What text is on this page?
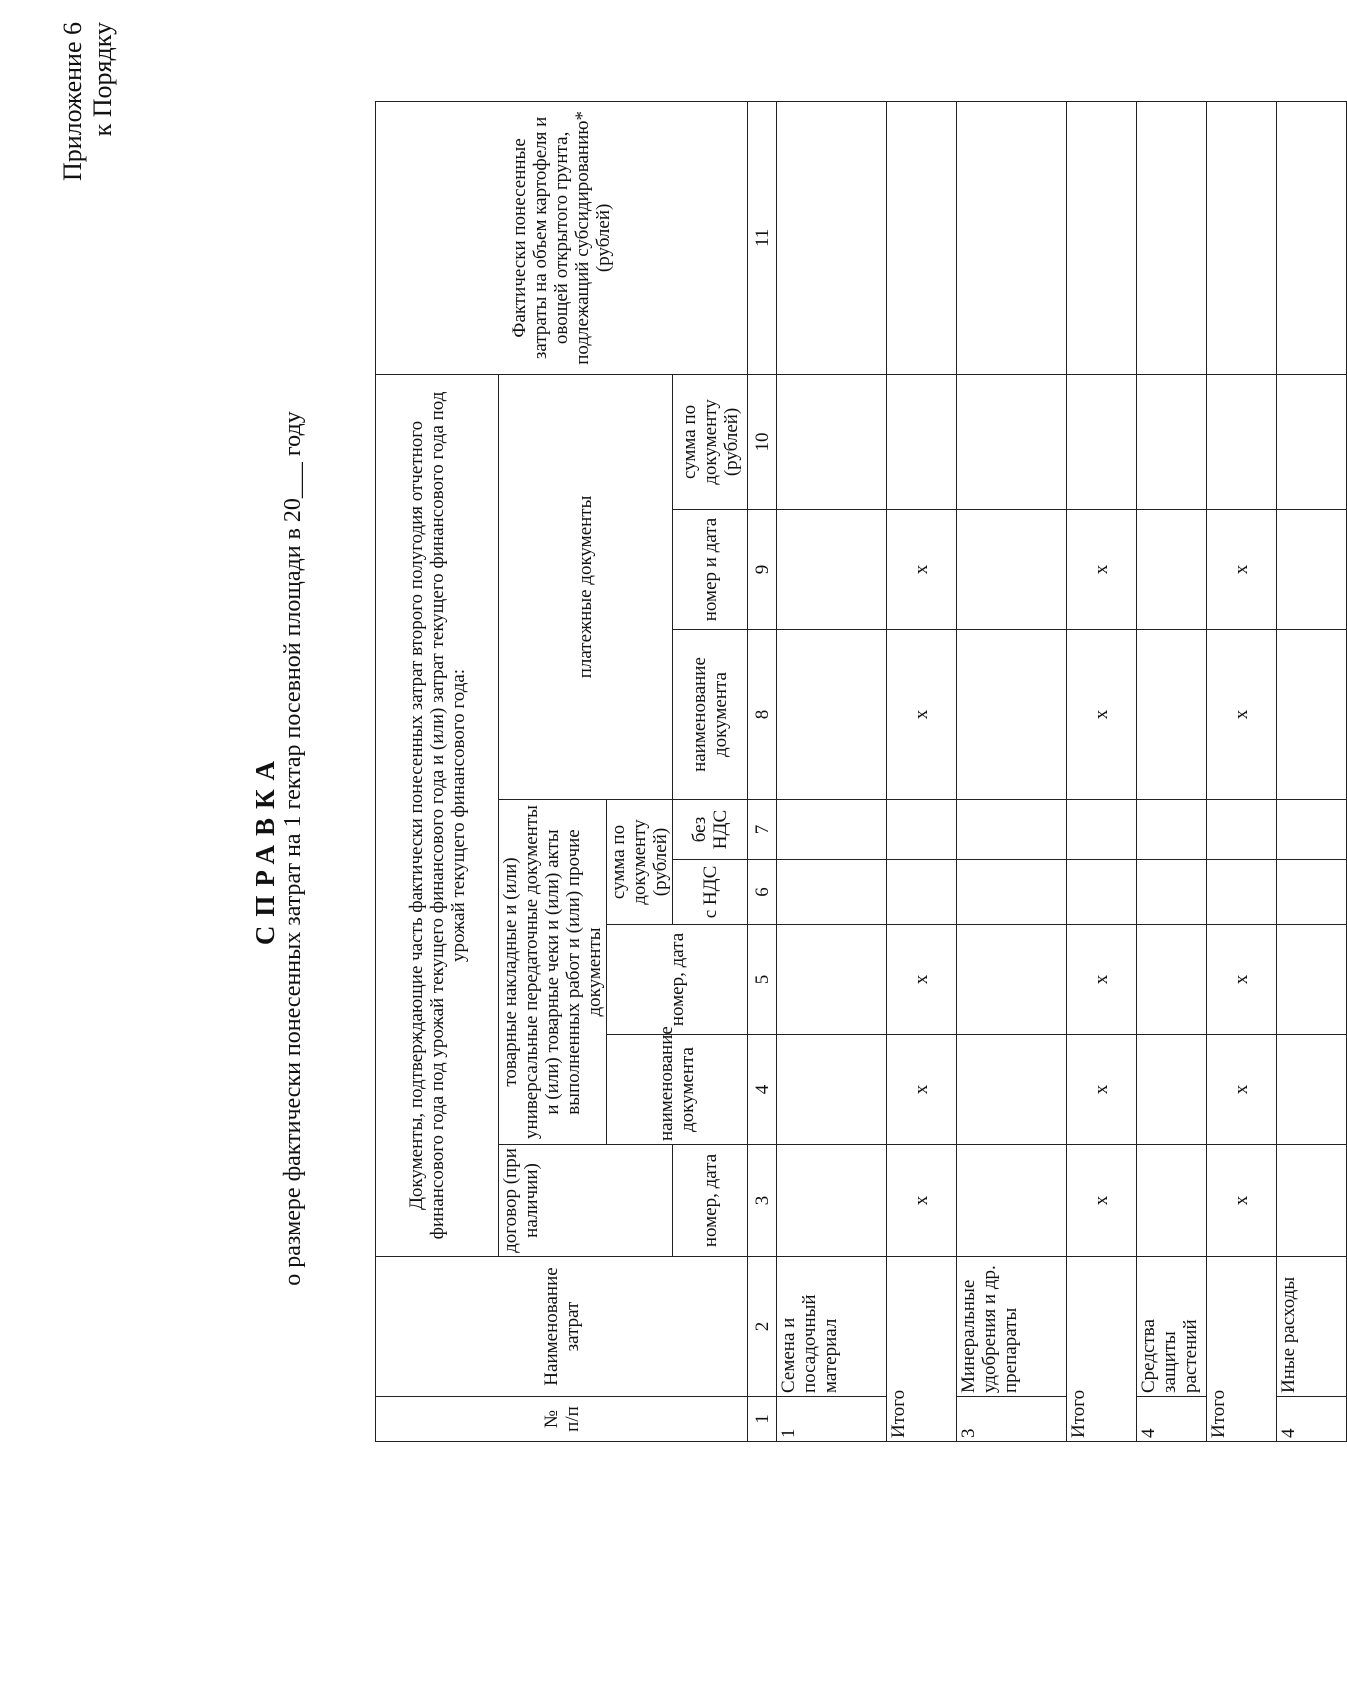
Приложение 6 к Порядку
СПРАВКА о размере фактически понесенных затрат на 1 гектар посевной площади в 20___ году
№ п/п	Наименование затрат	Документы, подтверждающие часть фактически понесенных затрат второго полугодия отчетного финансового года под урожай текущего финансового года и (или) затрат текущего финансового года под урожай текущего финансового года:								Фактически понесенные затраты на объем картофеля и овощей открытого грунта, подлежащий субсидированию* (рублей)
		договор (при наличии)	товарные накладные и (или) универсальные передаточные документы и (или) товарные чеки и (или) акты выполненных работ и (или) прочие документы				платежные документы			
			наименование документа	номер, дата	сумма по документу (рублей)					
		номер, дата			с НДС	без НДС	наименование документа	номер и дата	сумма по документу (рублей)	
1	2	3	4	5	6	7	8	9	10	11
1	Семена и посадочный материал									
Итого		x	x	x			x	x		
3	Минеральные удобрения и др. препараты									
Итого		x	x	x			x	x		
4	Средства защиты растений									
Итого		x	x	x			x	x		
4	Иные расходы									
